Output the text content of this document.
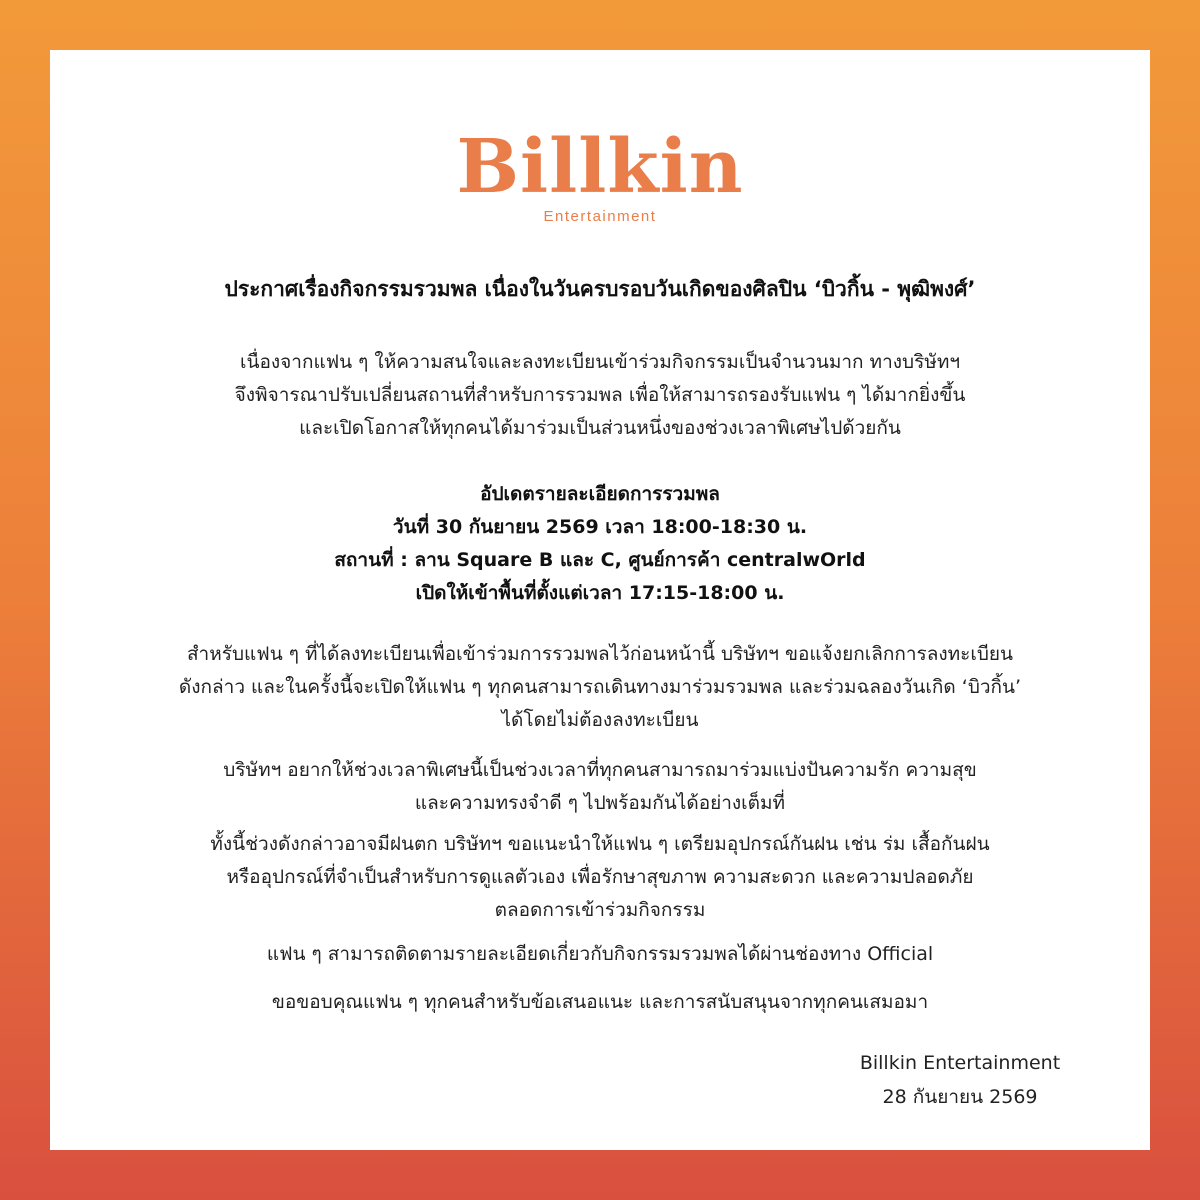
Billkin
Entertainment
ประกาศเรื่องกิจกรรมรวมพล เนื่องในวันครบรอบวันเกิดของศิลปิน ‘บิวกิ้น - พุฒิพงศ์’
เนื่องจากแฟน ๆ ให้ความสนใจและลงทะเบียนเข้าร่วมกิจกรรมเป็นจำนวนมาก ทางบริษัทฯ
จึงพิจารณาปรับเปลี่ยนสถานที่สำหรับการรวมพล เพื่อให้สามารถรองรับแฟน ๆ ได้มากยิ่งขึ้น
และเปิดโอกาสให้ทุกคนได้มาร่วมเป็นส่วนหนึ่งของช่วงเวลาพิเศษไปด้วยกัน
อัปเดตรายละเอียดการรวมพล
วันที่ 30 กันยายน 2569 เวลา 18:00-18:30 น.
สถานที่ : ลาน Square B และ C, ศูนย์การค้า centralwOrld
เปิดให้เข้าพื้นที่ตั้งแต่เวลา 17:15-18:00 น.
สำหรับแฟน ๆ ที่ได้ลงทะเบียนเพื่อเข้าร่วมการรวมพลไว้ก่อนหน้านี้ บริษัทฯ ขอแจ้งยกเลิกการลงทะเบียน
ดังกล่าว และในครั้งนี้จะเปิดให้แฟน ๆ ทุกคนสามารถเดินทางมาร่วมรวมพล และร่วมฉลองวันเกิด ‘บิวกิ้น’
ได้โดยไม่ต้องลงทะเบียน
บริษัทฯ อยากให้ช่วงเวลาพิเศษนี้เป็นช่วงเวลาที่ทุกคนสามารถมาร่วมแบ่งปันความรัก ความสุข
และความทรงจำดี ๆ ไปพร้อมกันได้อย่างเต็มที่
ทั้งนี้ช่วงดังกล่าวอาจมีฝนตก บริษัทฯ ขอแนะนำให้แฟน ๆ เตรียมอุปกรณ์กันฝน เช่น ร่ม เสื้อกันฝน
หรืออุปกรณ์ที่จำเป็นสำหรับการดูแลตัวเอง เพื่อรักษาสุขภาพ ความสะดวก และความปลอดภัย
ตลอดการเข้าร่วมกิจกรรม
แฟน ๆ สามารถติดตามรายละเอียดเกี่ยวกับกิจกรรมรวมพลได้ผ่านช่องทาง Official
ขอขอบคุณแฟน ๆ ทุกคนสำหรับข้อเสนอแนะ และการสนับสนุนจากทุกคนเสมอมา
Billkin Entertainment
28 กันยายน 2569
